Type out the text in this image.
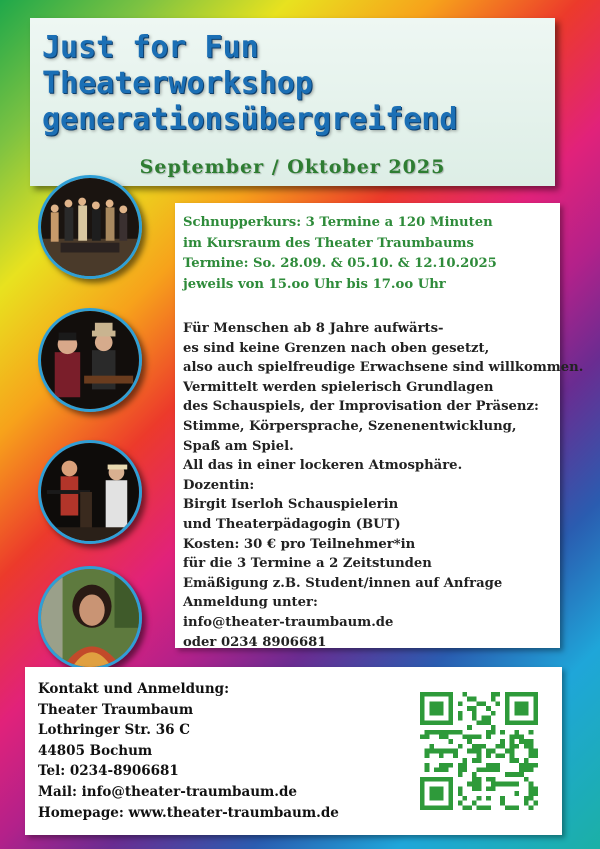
Just for Fun

Theaterworkshop

generationsübergreifend

September / Oktober 2025
Schnupperkurs: 3 Termine a 120 Minuten
im Kursraum des Theater Traumbaums
Termine: So. 28.09. & 05.10. & 12.10.2025
jeweils von 15.oo Uhr bis 17.oo Uhr
Für Menschen ab 8 Jahre aufwärts-
es sind keine Grenzen nach oben gesetzt,
also auch spielfreudige Erwachsene sind willkommen.
Vermittelt werden spielerisch Grundlagen
des Schauspiels, der Improvisation der Präsenz:
Stimme, Körpersprache, Szenenentwicklung,
Spaß am Spiel.
All das in einer lockeren Atmosphäre.
Dozentin:
Birgit Iserloh Schauspielerin
und Theaterpädagogin (BUT)
Kosten: 30 € pro Teilnehmer*in
für die 3 Termine a 2 Zeitstunden
Emäßigung z.B. Student/innen auf Anfrage
Anmeldung unter:
info@theater-traumbaum.de
oder 0234 8906681
Kontakt und Anmeldung:
Theater Traumbaum
Lothringer Str. 36 C
44805 Bochum
Tel: 0234-8906681
Mail: info@theater-traumbaum.de
Homepage: www.theater-traumbaum.de
